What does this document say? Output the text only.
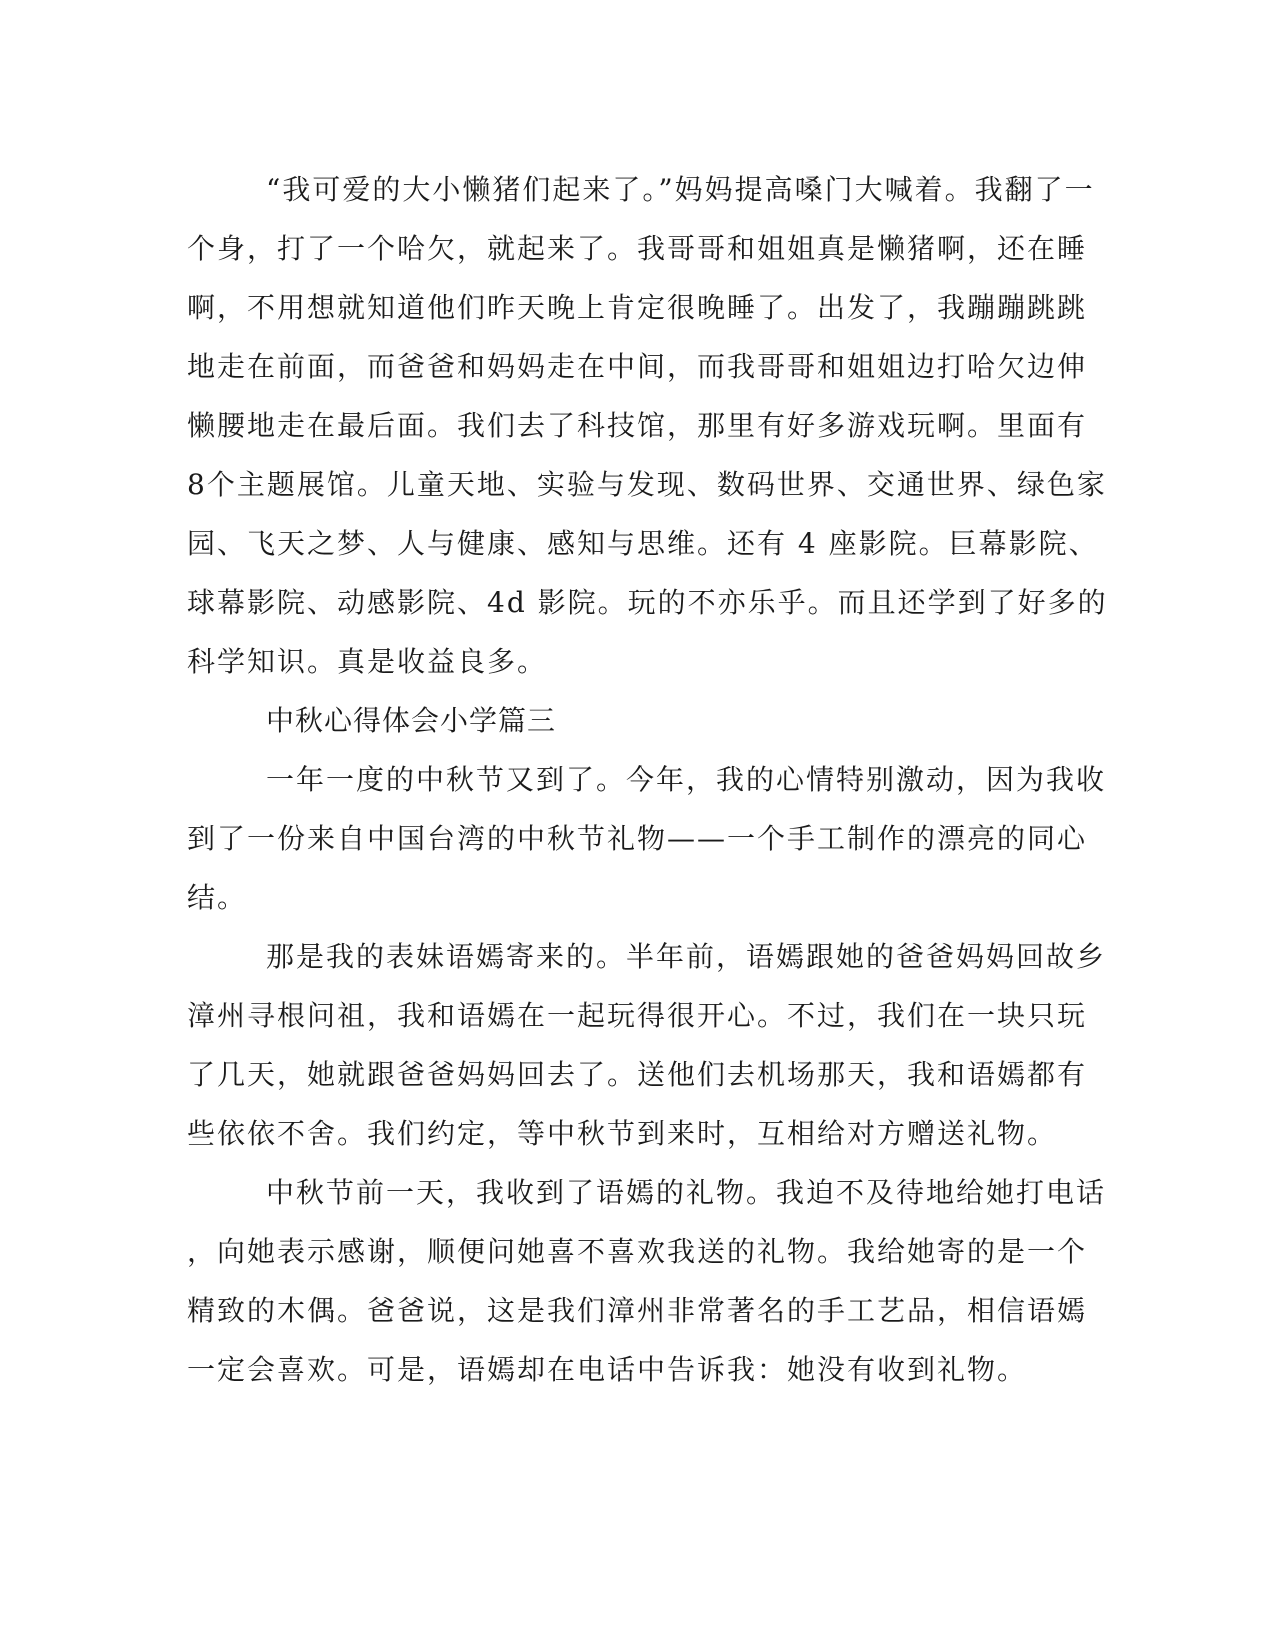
“我可爱的大小懒猪们起来了。”妈妈提高嗓门大喊着。我翻了一
个身，打了一个哈欠，就起来了。我哥哥和姐姐真是懒猪啊，还在睡
啊，不用想就知道他们昨天晚上肯定很晚睡了。出发了，我蹦蹦跳跳
地走在前面，而爸爸和妈妈走在中间，而我哥哥和姐姐边打哈欠边伸
懒腰地走在最后面。我们去了科技馆，那里有好多游戏玩啊。里面有
8个主题展馆。儿童天地、实验与发现、数码世界、交通世界、绿色家
园、飞天之梦、人与健康、感知与思维。还有 4 座影院。巨幕影院、
球幕影院、动感影院、4d 影院。玩的不亦乐乎。而且还学到了好多的
科学知识。真是收益良多。
中秋心得体会小学篇三
一年一度的中秋节又到了。今年，我的心情特别激动，因为我收
到了一份来自中国台湾的中秋节礼物——一个手工制作的漂亮的同心
结。
那是我的表妹语嫣寄来的。半年前，语嫣跟她的爸爸妈妈回故乡
漳州寻根问祖，我和语嫣在一起玩得很开心。不过，我们在一块只玩
了几天，她就跟爸爸妈妈回去了。送他们去机场那天，我和语嫣都有
些依依不舍。我们约定，等中秋节到来时，互相给对方赠送礼物。
中秋节前一天，我收到了语嫣的礼物。我迫不及待地给她打电话
，向她表示感谢，顺便问她喜不喜欢我送的礼物。我给她寄的是一个
精致的木偶。爸爸说，这是我们漳州非常著名的手工艺品，相信语嫣
一定会喜欢。可是，语嫣却在电话中告诉我：她没有收到礼物。
